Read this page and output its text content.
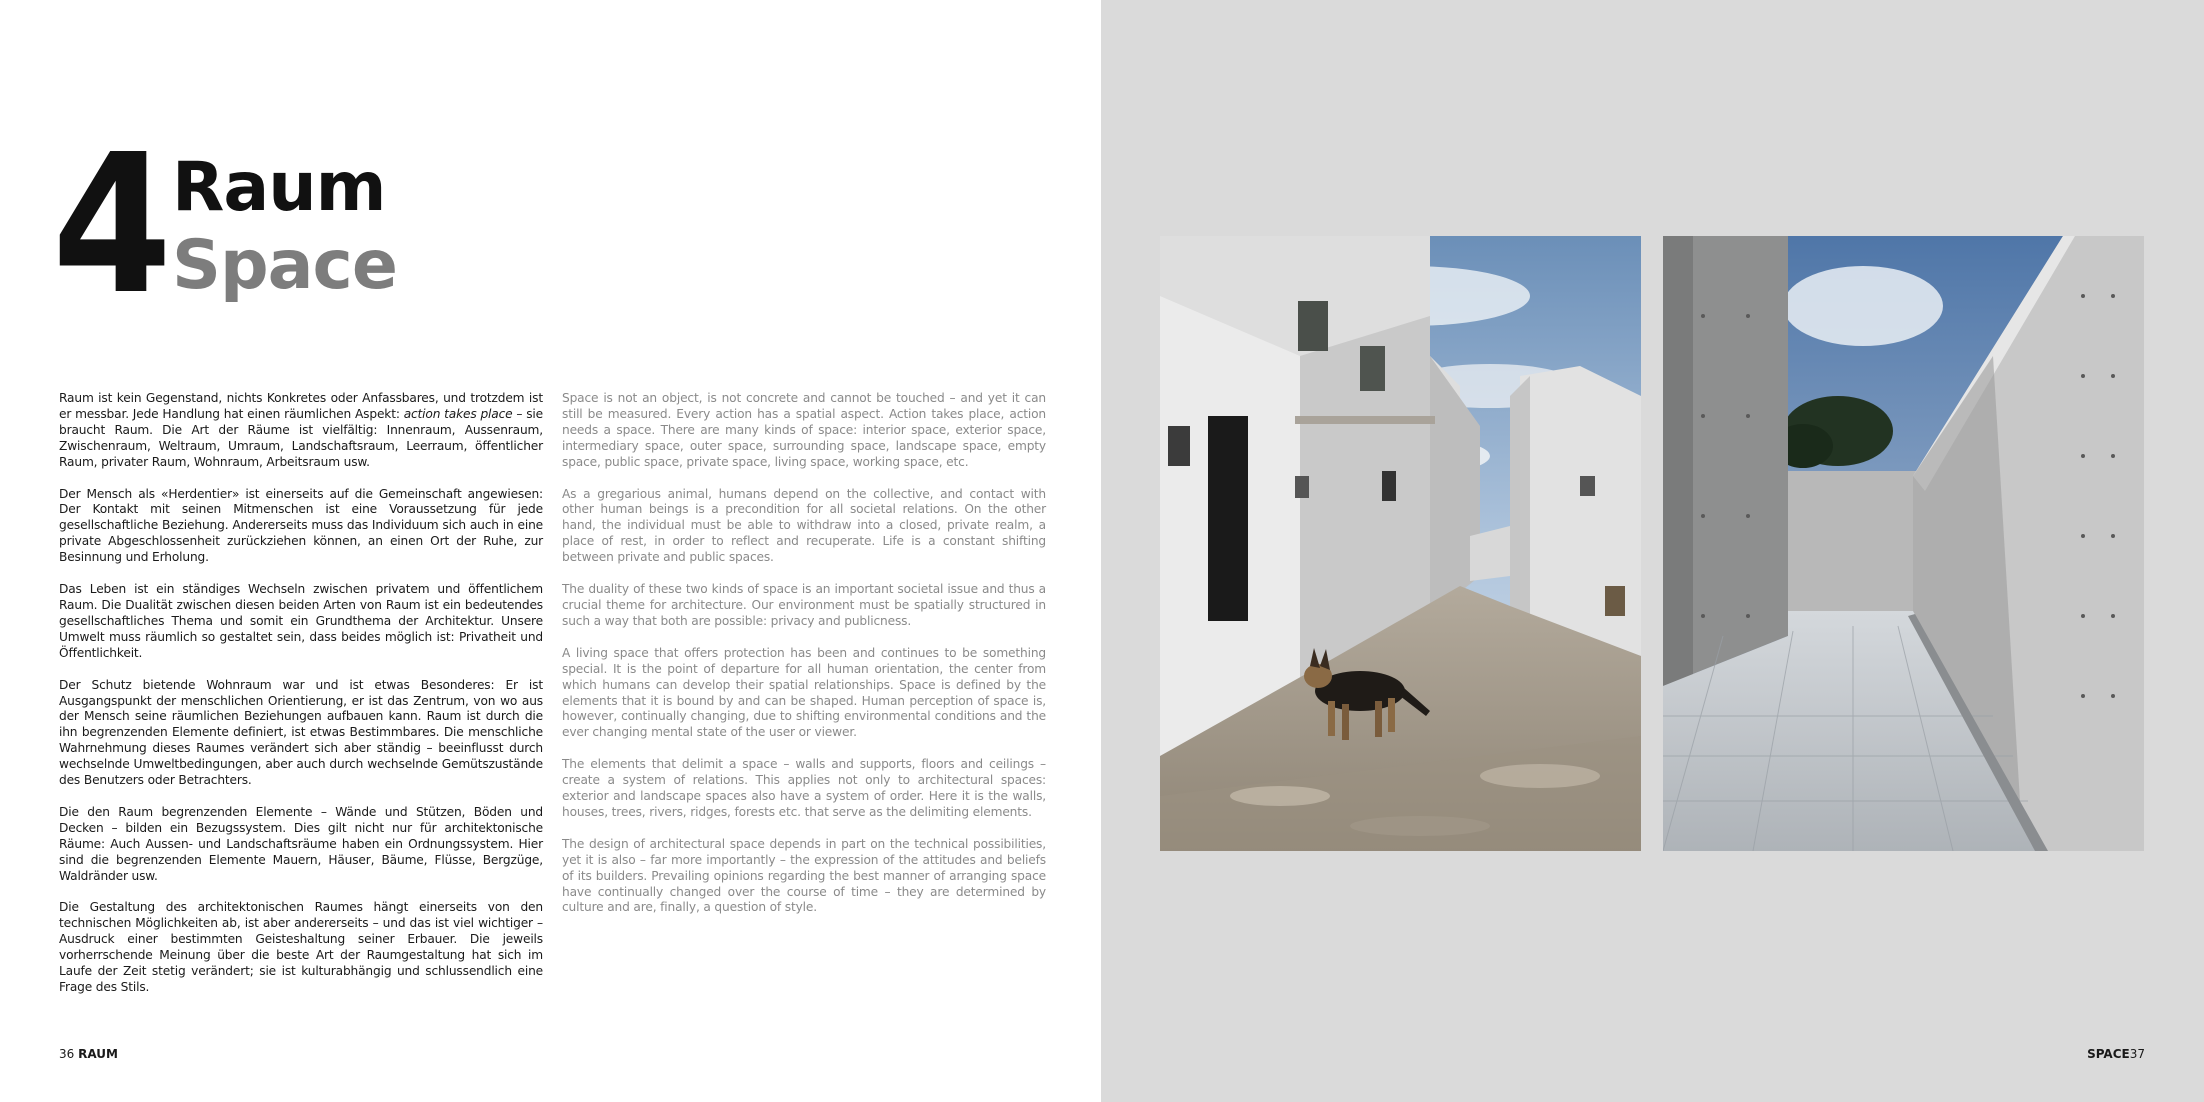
4 Raum
Space

Raum ist kein Gegenstand, nichts Konkretes oder Anfassbares, und trotzdem ist er messbar. Jede Handlung hat einen räumlichen Aspekt: action takes place – sie braucht Raum. Die Art der Räume ist vielfältig: Innenraum, Aussenraum, Zwischenraum, Weltraum, Umraum, Landschaftsraum, Leerraum, öffentlicher Raum, privater Raum, Wohnraum, Arbeitsraum usw.

Der Mensch als «Herdentier» ist einerseits auf die Gemeinschaft angewiesen: Der Kontakt mit seinen Mitmenschen ist eine Voraussetzung für jede gesellschaftliche Beziehung. Andererseits muss das Individuum sich auch in eine private Abgeschlossenheit zurückziehen können, an einen Ort der Ruhe, zur Besinnung und Erholung.

Das Leben ist ein ständiges Wechseln zwischen privatem und öffentlichem Raum. Die Dualität zwischen diesen beiden Arten von Raum ist ein bedeutendes gesellschaftliches Thema und somit ein Grundthema der Architektur. Unsere Umwelt muss räumlich so gestaltet sein, dass beides möglich ist: Privatheit und Öffentlichkeit.

Der Schutz bietende Wohnraum war und ist etwas Besonderes: Er ist Ausgangspunkt der menschlichen Orientierung, er ist das Zentrum, von wo aus der Mensch seine räumlichen Beziehungen aufbauen kann. Raum ist durch die ihn begrenzenden Elemente definiert, ist etwas Bestimmbares. Die menschliche Wahrnehmung dieses Raumes verändert sich aber ständig – beeinflusst durch wechselnde Umweltbedingungen, aber auch durch wechselnde Gemütszustände des Benutzers oder Betrachters.

Die den Raum begrenzenden Elemente – Wände und Stützen, Böden und Decken – bilden ein Bezugssystem. Dies gilt nicht nur für architektonische Räume: Auch Aussen- und Landschaftsräume haben ein Ordnungssystem. Hier sind die begrenzenden Elemente Mauern, Häuser, Bäume, Flüsse, Bergzüge, Waldränder usw.

Die Gestaltung des architektonischen Raumes hängt einerseits von den technischen Möglichkeiten ab, ist aber andererseits – und das ist viel wichtiger – Ausdruck einer bestimmten Geisteshaltung seiner Erbauer. Die jeweils vorherrschende Meinung über die beste Art der Raumgestaltung hat sich im Laufe der Zeit stetig verändert; sie ist kulturabhängig und schlussendlich eine Frage des Stils.

Space is not an object, is not concrete and cannot be touched – and yet it can still be measured. Every action has a spatial aspect. Action takes place, action needs a space. There are many kinds of space: interior space, exterior space, intermediary space, outer space, surrounding space, landscape space, empty space, public space, private space, living space, working space, etc.

As a gregarious animal, humans depend on the collective, and contact with other human beings is a precondition for all societal relations. On the other hand, the individual must be able to withdraw into a closed, private realm, a place of rest, in order to reflect and recuperate. Life is a constant shifting between private and public spaces.

The duality of these two kinds of space is an important societal issue and thus a crucial theme for architecture. Our environment must be spatially structured in such a way that both are possible: privacy and publicness.

A living space that offers protection has been and continues to be something special. It is the point of departure for all human orientation, the center from which humans can develop their spatial relationships. Space is defined by the elements that it is bound by and can be shaped. Human perception of space is, however, continually changing, due to shifting environmental conditions and the ever changing mental state of the user or viewer.

The elements that delimit a space – walls and supports, floors and ceilings – create a system of relations. This applies not only to architectural spaces: exterior and landscape spaces also have a system of order. Here it is the walls, houses, trees, rivers, ridges, forests etc. that serve as the delimiting elements.

The design of architectural space depends in part on the technical possibilities, yet it is also – far more importantly – the expression of the attitudes and beliefs of its builders. Prevailing opinions regarding the best manner of arranging space have continually changed over the course of time – they are determined by culture and are, finally, a question of style.

36 RAUM	SPACE37
